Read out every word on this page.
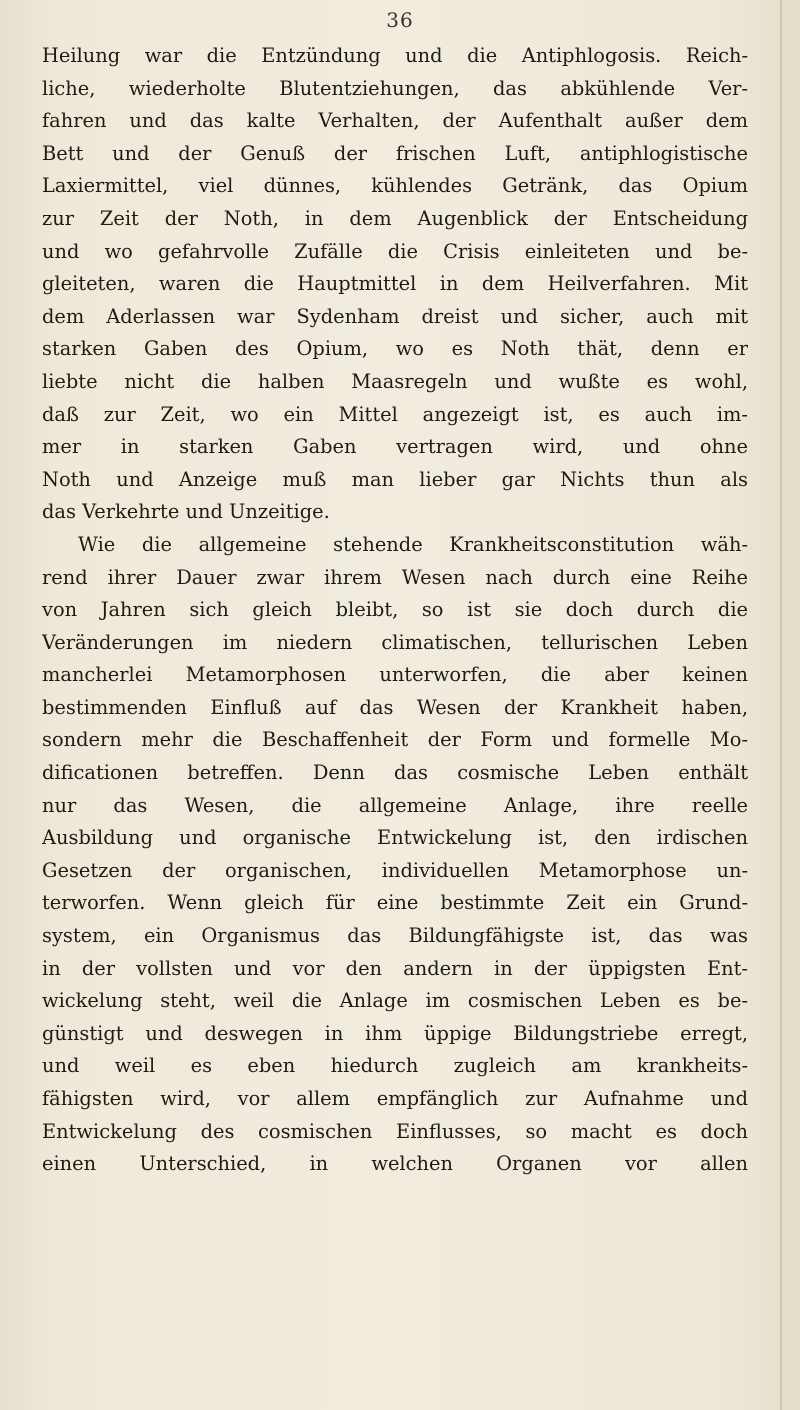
36
Heilung war die Entzündung und die Antiphlogosis. Reich-
liche, wiederholte Blutentziehungen, das abkühlende Ver-
fahren und das kalte Verhalten, der Aufenthalt außer dem
Bett und der Genuß der frischen Luft, antiphlogistische
Laxiermittel, viel dünnes, kühlendes Getränk, das Opium
zur Zeit der Noth, in dem Augenblick der Entscheidung
und wo gefahrvolle Zufälle die Crisis einleiteten und be-
gleiteten, waren die Hauptmittel in dem Heilverfahren. Mit
dem Aderlassen war Sydenham dreist und sicher, auch mit
starken Gaben des Opium, wo es Noth thät, denn er
liebte nicht die halben Maasregeln und wußte es wohl,
daß zur Zeit, wo ein Mittel angezeigt ist, es auch im-
mer in starken Gaben vertragen wird, und ohne
Noth und Anzeige muß man lieber gar Nichts thun als
das Verkehrte und Unzeitige.
Wie die allgemeine stehende Krankheitsconstitution wäh-
rend ihrer Dauer zwar ihrem Wesen nach durch eine Reihe
von Jahren sich gleich bleibt, so ist sie doch durch die
Veränderungen im niedern climatischen, tellurischen Leben
mancherlei Metamorphosen unterworfen, die aber keinen
bestimmenden Einfluß auf das Wesen der Krankheit haben,
sondern mehr die Beschaffenheit der Form und formelle Mo-
dificationen betreffen. Denn das cosmische Leben enthält
nur das Wesen, die allgemeine Anlage, ihre reelle
Ausbildung und organische Entwickelung ist, den irdischen
Gesetzen der organischen, individuellen Metamorphose un-
terworfen. Wenn gleich für eine bestimmte Zeit ein Grund-
system, ein Organismus das Bildungfähigste ist, das was
in der vollsten und vor den andern in der üppigsten Ent-
wickelung steht, weil die Anlage im cosmischen Leben es be-
günstigt und deswegen in ihm üppige Bildungstriebe erregt,
und weil es eben hiedurch zugleich am krankheits-
fähigsten wird, vor allem empfänglich zur Aufnahme und
Entwickelung des cosmischen Einflusses, so macht es doch
einen Unterschied, in welchen Organen vor allen
